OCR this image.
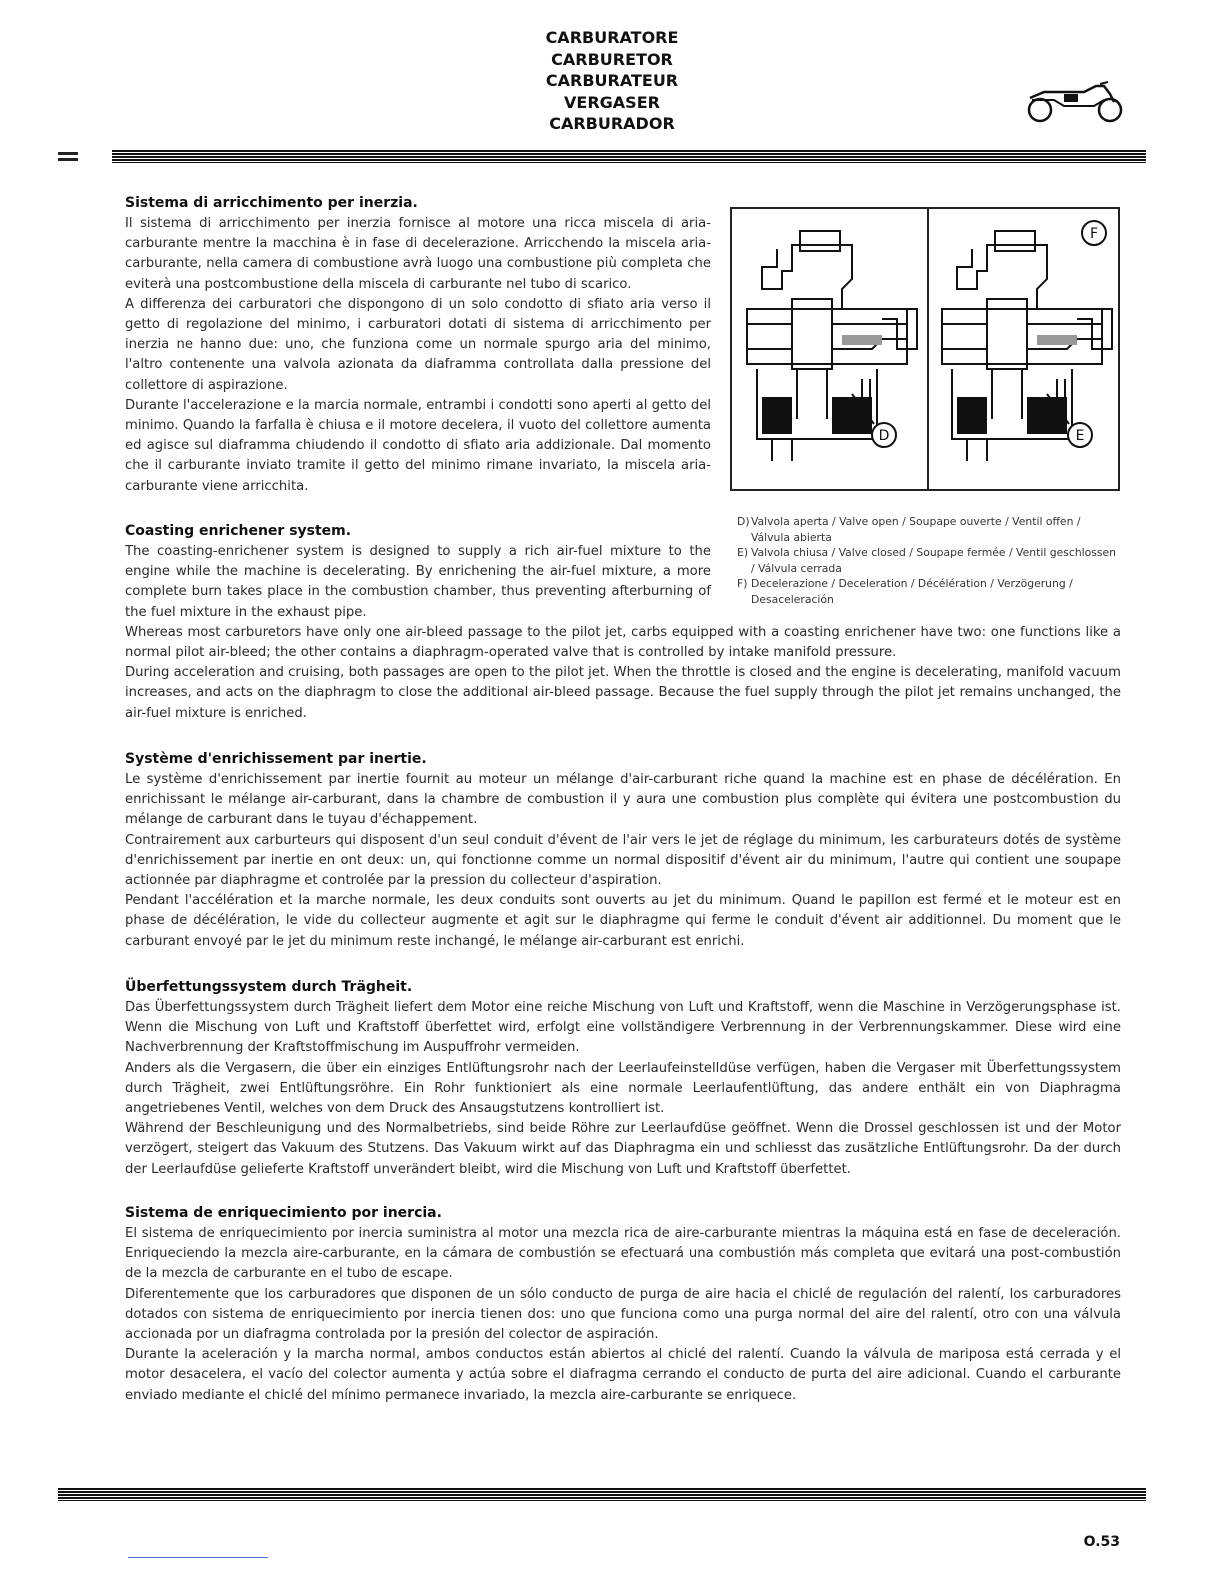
CARBURATORE
CARBURETOR
CARBURATEUR
VERGASER
CARBURADOR
Sistema di arricchimento per inerzia.

Il sistema di arricchimento per inerzia fornisce al motore una ricca miscela di aria-carburante mentre la macchina è in fase di decelerazione. Arricchendo la miscela aria-carburante, nella camera di combustione avrà luogo una combustione più completa che eviterà una postcombustione della miscela di carburante nel tubo di scarico.

A differenza dei carburatori che dispongono di un solo condotto di sfiato aria verso il getto di regolazione del minimo, i carburatori dotati di sistema di arricchimento per inerzia ne hanno due: uno, che funziona come un normale spurgo aria del minimo, l'altro contenente una valvola azionata da diaframma controllata dalla pressione del collettore di aspirazione.

Durante l'accelerazione e la marcia normale, entrambi i condotti sono aperti al getto del minimo. Quando la farfalla è chiusa e il motore decelera, il vuoto del collettore aumenta ed agisce sul diaframma chiudendo il condotto di sfiato aria addizionale. Dal momento che il carburante inviato tramite il getto del minimo rimane invariato, la miscela aria-carburante viene arricchita.

D	E
F
D) Valvola aperta / Valve open / Soupape ouverte / Ventil offen / Válvula abierta
E) Valvola chiusa / Valve closed / Soupape fermée / Ventil geschlossen / Válvula cerrada
F) Decelerazione / Deceleration / Décélération / Verzögerung / Desaceleración
Coasting enrichener system.

The coasting-enrichener system is designed to supply a rich air-fuel mixture to the engine while the machine is decelerating. By enrichening the air-fuel mixture, a more complete burn takes place in the combustion chamber, thus preventing afterburning of the fuel mixture in the exhaust pipe.

Whereas most carburetors have only one air-bleed passage to the pilot jet, carbs equipped with a coasting enrichener have two: one functions like a normal pilot air-bleed; the other contains a diaphragm-operated valve that is controlled by intake manifold pressure.

During acceleration and cruising, both passages are open to the pilot jet. When the throttle is closed and the engine is decelerating, manifold vacuum increases, and acts on the diaphragm to close the additional air-bleed passage. Because the fuel supply through the pilot jet remains unchanged, the air-fuel mixture is enriched.

Système d'enrichissement par inertie.

Le système d'enrichissement par inertie fournit au moteur un mélange d'air-carburant riche quand la machine est en phase de décélération. En enrichissant le mélange air-carburant, dans la chambre de combustion il y aura une combustion plus complète qui évitera une postcombustion du mélange de carburant dans le tuyau d'échappement.

Contrairement aux carburteurs qui disposent d'un seul conduit d'évent de l'air vers le jet de réglage du minimum, les carburateurs dotés de système d'enrichissement par inertie en ont deux: un, qui fonctionne comme un normal dispositif d'évent air du minimum, l'autre qui contient une soupape actionnée par diaphragme et controlée par la pression du collecteur d'aspiration.

Pendant l'accélération et la marche normale, les deux conduits sont ouverts au jet du minimum. Quand le papillon est fermé et le moteur est en phase de décélération, le vide du collecteur augmente et agit sur le diaphragme qui ferme le conduit d'évent air additionnel. Du moment que le carburant envoyé par le jet du minimum reste inchangé, le mélange air-carburant est enrichi.

Überfettungssystem durch Trägheit.

Das Überfettungssystem durch Trägheit liefert dem Motor eine reiche Mischung von Luft und Kraftstoff, wenn die Maschine in Verzögerungsphase ist. Wenn die Mischung von Luft und Kraftstoff überfettet wird, erfolgt eine vollständigere Verbrennung in der Verbrennungskammer. Diese wird eine Nachverbrennung der Kraftstoffmischung im Auspuffrohr vermeiden.

Anders als die Vergasern, die über ein einziges Entlüftungsrohr nach der Leerlaufeinstelldüse verfügen, haben die Vergaser mit Überfettungssystem durch Trägheit, zwei Entlüftungsröhre. Ein Rohr funktioniert als eine normale Leerlaufentlüftung, das andere enthält ein von Diaphragma angetriebenes Ventil, welches von dem Druck des Ansaugstutzens kontrolliert ist.

Während der Beschleunigung und des Normalbetriebs, sind beide Röhre zur Leerlaufdüse geöffnet. Wenn die Drossel geschlossen ist und der Motor verzögert, steigert das Vakuum des Stutzens. Das Vakuum wirkt auf das Diaphragma ein und schliesst das zusätzliche Entlüftungsrohr. Da der durch der Leerlaufdüse gelieferte Kraftstoff unverändert bleibt, wird die Mischung von Luft und Kraftstoff überfettet.

Sistema de enriquecimiento por inercia.

El sistema de enriquecimiento por inercia suministra al motor una mezcla rica de aire-carburante mientras la máquina está en fase de deceleración. Enriqueciendo la mezcla aire-carburante, en la cámara de combustión se efectuará una combustión más completa que evitará una post-combustión de la mezcla de carburante en el tubo de escape.

Diferentemente que los carburadores que disponen de un sólo conducto de purga de aire hacia el chiclé de regulación del ralentí, los carburadores dotados con sistema de enriquecimiento por inercia tienen dos: uno que funciona como una purga normal del aire del ralentí, otro con una válvula accionada por un diafragma controlada por la presión del colector de aspiración.

Durante la aceleración y la marcha normal, ambos conductos están abiertos al chiclé del ralentí. Cuando la válvula de mariposa está cerrada y el motor desacelera, el vacío del colector aumenta y actúa sobre el diafragma cerrando el conducto de purta del aire adicional. Cuando el carburante enviado mediante el chiclé del mínimo permanece invariado, la mezcla aire-carburante se enriquece.

O.53
